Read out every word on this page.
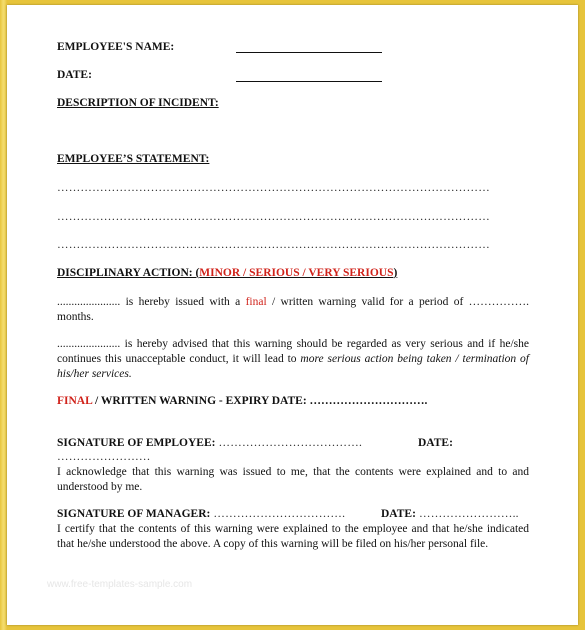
EMPLOYEE'S NAME:
DATE:
DESCRIPTION OF INCIDENT:
EMPLOYEE’S STATEMENT:
…………………………………………………………………………………………………
…………………………………………………………………………………………………
…………………………………………………………………………………………………
DISCIPLINARY ACTION: (MINOR / SERIOUS / VERY SERIOUS)
...................... is hereby issued with a final / written warning valid for a period of ……………. months.
...................... is hereby advised that this warning should be regarded as very serious and if he/she continues this unacceptable conduct, it will lead to more serious action being taken / termination of his/her services.
FINAL / WRITTEN WARNING - EXPIRY DATE: ………………………….
SIGNATURE OF EMPLOYEE: ……………………………….	DATE:
……………………
I acknowledge that this warning was issued to me, that the contents were explained and to and understood by me.
SIGNATURE OF MANAGER: …………………………….	DATE: ……………………..
I certify that the contents of this warning were explained to the employee and that he/she indicated that he/she understood the above. A copy of this warning will be filed on his/her personal file.
www.free-templates-sample.com
